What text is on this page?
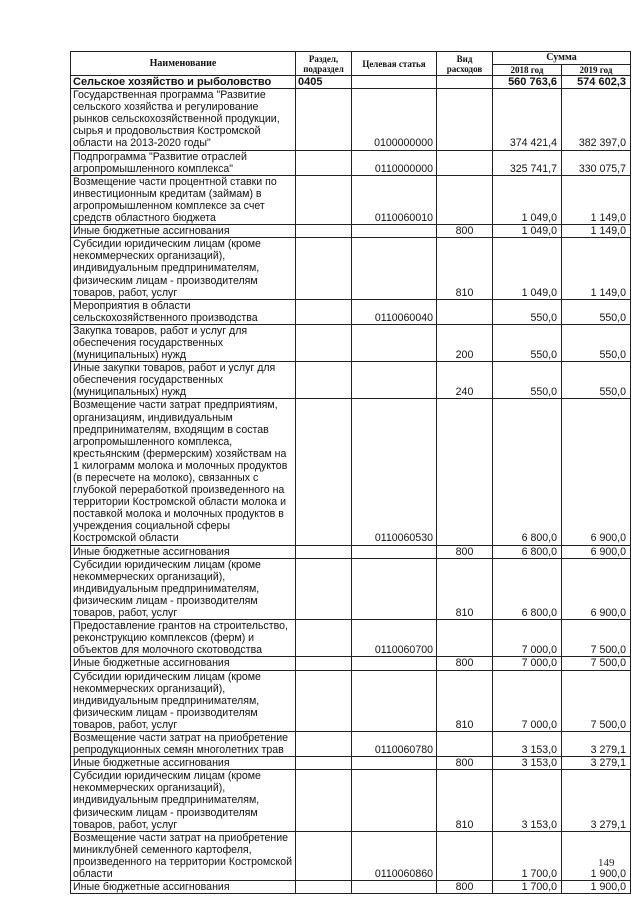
Наименование	Раздел, подраздел	Целевая статья	Вид расходов	Сумма	
				2018 год	2019 год
Сельское хозяйство и рыболовство	0405			560 763,6	574 602,3
Государственная программа "Развитие сельского хозяйства и регулирование рынков сельскохозяйственной продукции, сырья и продовольствия Костромской области на 2013-2020 годы"		0100000000		374 421,4	382 397,0
Подпрограмма "Развитие отраслей агропромышленного комплекса"		0110000000		325 741,7	330 075,7
Возмещение части процентной ставки по инвестиционным кредитам (займам) в агропромышленном комплексе за счет средств областного бюджета		0110060010		1 049,0	1 149,0
Иные бюджетные ассигнования			800	1 049,0	1 149,0
Субсидии юридическим лицам (кроме некоммерческих организаций), индивидуальным предпринимателям, физическим лицам - производителям товаров, работ, услуг			810	1 049,0	1 149,0
Мероприятия в области сельскохозяйственного производства		0110060040		550,0	550,0
Закупка товаров, работ и услуг для обеспечения государственных (муниципальных) нужд			200	550,0	550,0
Иные закупки товаров, работ и услуг для обеспечения государственных (муниципальных) нужд			240	550,0	550,0
Возмещение части затрат предприятиям, организациям, индивидуальным предпринимателям, входящим в состав агропромышленного комплекса, крестьянским (фермерским) хозяйствам на 1 килограмм молока и молочных продуктов (в пересчете на молоко), связанных с глубокой переработкой произведенного на территории Костромской области молока и поставкой молока и молочных продуктов в учреждения социальной сферы Костромской области		0110060530		6 800,0	6 900,0
Иные бюджетные ассигнования			800	6 800,0	6 900,0
Субсидии юридическим лицам (кроме некоммерческих организаций), индивидуальным предпринимателям, физическим лицам - производителям товаров, работ, услуг			810	6 800,0	6 900,0
Предоставление грантов на строительство, реконструкцию комплексов (ферм) и объектов для молочного скотоводства		0110060700		7 000,0	7 500,0
Иные бюджетные ассигнования			800	7 000,0	7 500,0
Субсидии юридическим лицам (кроме некоммерческих организаций), индивидуальным предпринимателям, физическим лицам - производителям товаров, работ, услуг			810	7 000,0	7 500,0
Возмещение части затрат на приобретение репродукционных семян многолетних трав		0110060780		3 153,0	3 279,1
Иные бюджетные ассигнования			800	3 153,0	3 279,1
Субсидии юридическим лицам (кроме некоммерческих организаций), индивидуальным предпринимателям, физическим лицам - производителям товаров, работ, услуг			810	3 153,0	3 279,1
Возмещение части затрат на приобретение миниклубней семенного картофеля, произведенного на территории Костромской области		0110060860		1 700,0	1 900,0
Иные бюджетные ассигнования			800	1 700,0	1 900,0
149
